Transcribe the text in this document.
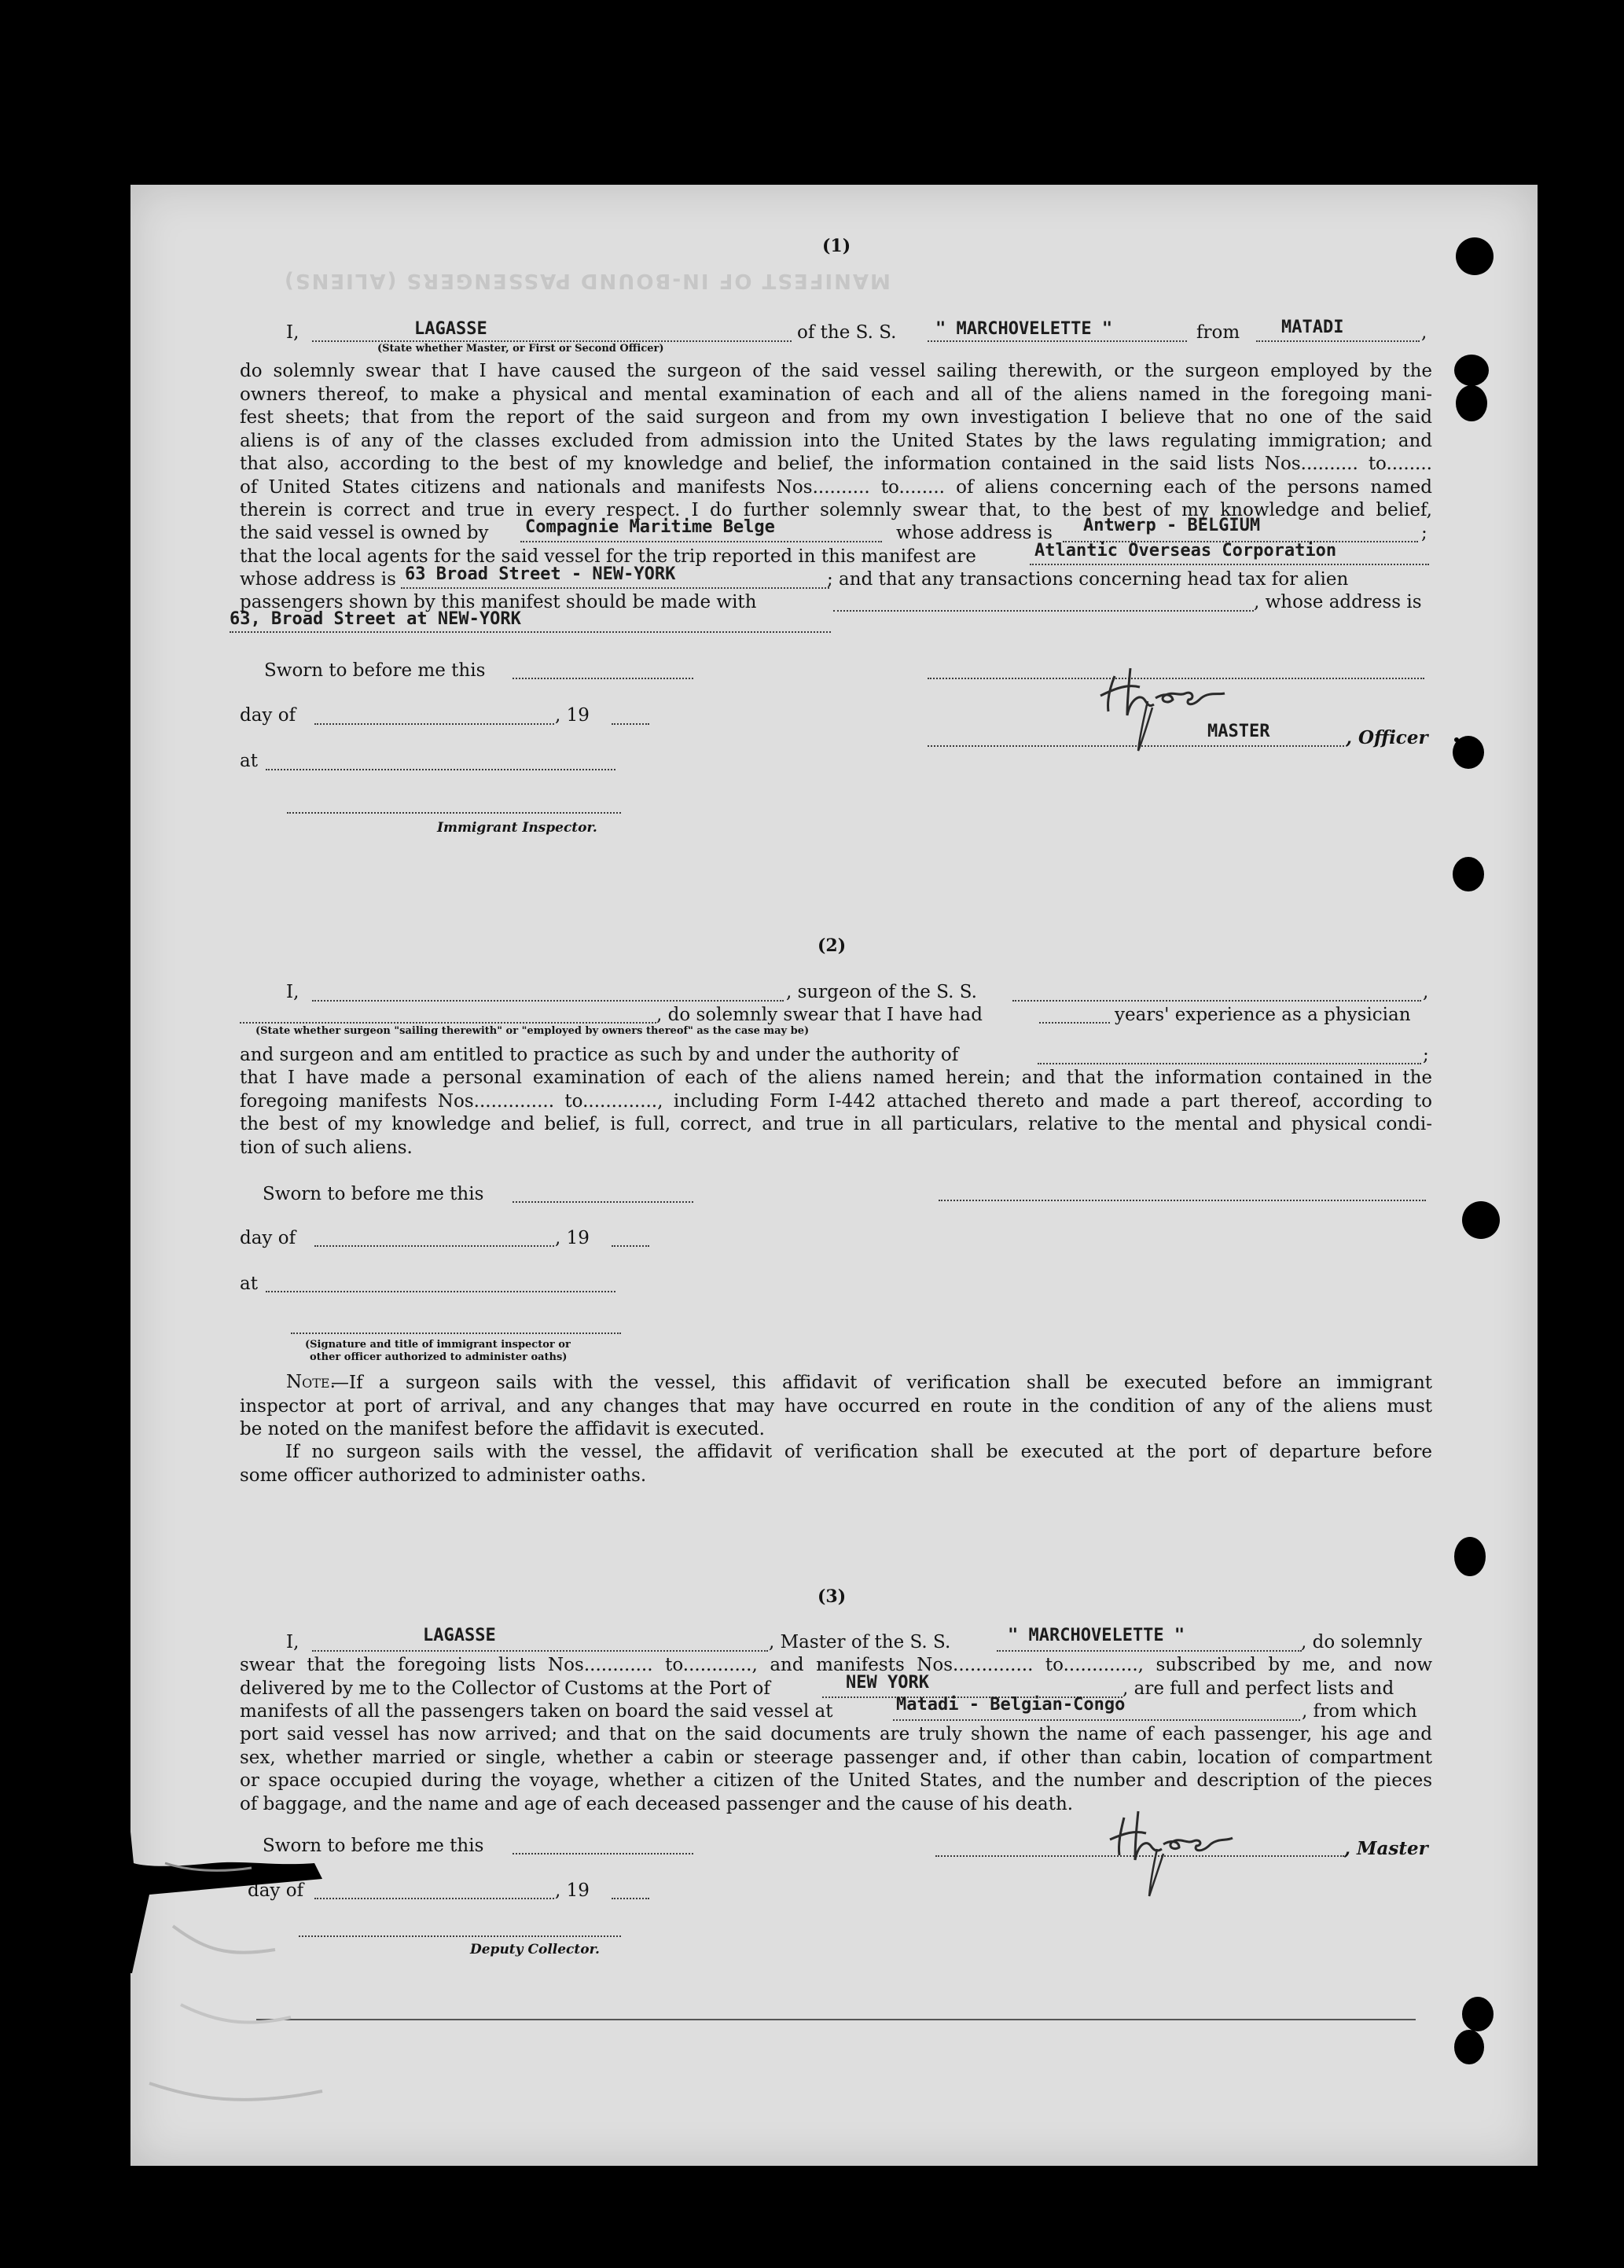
MANIFEST OF IN-BOUND PASSENGERS (ALIENS)
(1)
I,	LAGASSE
(State whether Master, or First or Second Officer)
of the S. S. " MARCHOVELETTE "	from MATADI	,
do solemnly swear that I have caused the surgeon of the said vessel sailing therewith, or the surgeon employed by the
owners thereof, to make a physical and mental examination of each and all of the aliens named in the foregoing mani-
fest sheets; that from the report of the said surgeon and from my own investigation I believe that no one of the said
aliens is of any of the classes excluded from admission into the United States by the laws regulating immigration; and
that also, according to the best of my knowledge and belief, the information contained in the said lists Nos.......... to........
of United States citizens and nationals and manifests Nos.......... to........ of aliens concerning each of the persons named
therein is correct and true in every respect. I do further solemnly swear that, to the best of my knowledge and belief,
the said vessel is owned by Compagnie Maritime Belge	whose address is Antwerp - BELGIUM	;
that the local agents for the said vessel for the trip reported in this manifest are	Atlantic Overseas Corporation
whose address is 63 Broad Street - NEW-YORK	; and that any transactions concerning head tax for alien
passengers shown by this manifest should be made with	, whose address is
63, Broad Street at NEW-YORK
Sworn to before me this
day of	, 19
MASTER	, Officer
at
Immigrant Inspector.
(2)
I,	, surgeon of the S. S.	,
, do solemnly swear that I have had	years' experience as a physician
(State whether surgeon "sailing therewith" or "employed by owners thereof" as the case may be)
and surgeon and am entitled to practice as such by and under the authority of	;
that I have made a personal examination of each of the aliens named herein; and that the information contained in the
foregoing manifests Nos.............. to............., including Form I-442 attached thereto and made a part thereof, according to
the best of my knowledge and belief, is full, correct, and true in all particulars, relative to the mental and physical condi-
tion of such aliens.
Sworn to before me this
day of	, 19
at
(Signature and title of immigrant inspector or
other officer authorized to administer oaths)
Note.
—If a surgeon sails with the vessel, this affidavit of verification shall be executed before an immigrant
inspector at port of arrival, and any changes that may have occurred en route in the condition of any of the aliens must
be noted on the manifest before the affidavit is executed.
If no surgeon sails with the vessel, the affidavit of verification shall be executed at the port of departure before
some officer authorized to administer oaths.
(3)
I,	LAGASSE	, Master of the S. S.	" MARCHOVELETTE "	, do solemnly
swear that the foregoing lists Nos............ to............, and manifests Nos.............. to............., subscribed by me, and now
delivered by me to the Collector of Customs at the Port of	NEW YORK	, are full and perfect lists and
manifests of all the passengers taken on board the said vessel at	Matadi - Belgian-Congo	, from which
port said vessel has now arrived; and that on the said documents are truly shown the name of each passenger, his age and
sex, whether married or single, whether a cabin or steerage passenger and, if other than cabin, location of compartment
or space occupied during the voyage, whether a citizen of the United States, and the number and description of the pieces
of baggage, and the name and age of each deceased passenger and the cause of his death.
Sworn to before me this	, Master
day of	, 19
Deputy Collector.
